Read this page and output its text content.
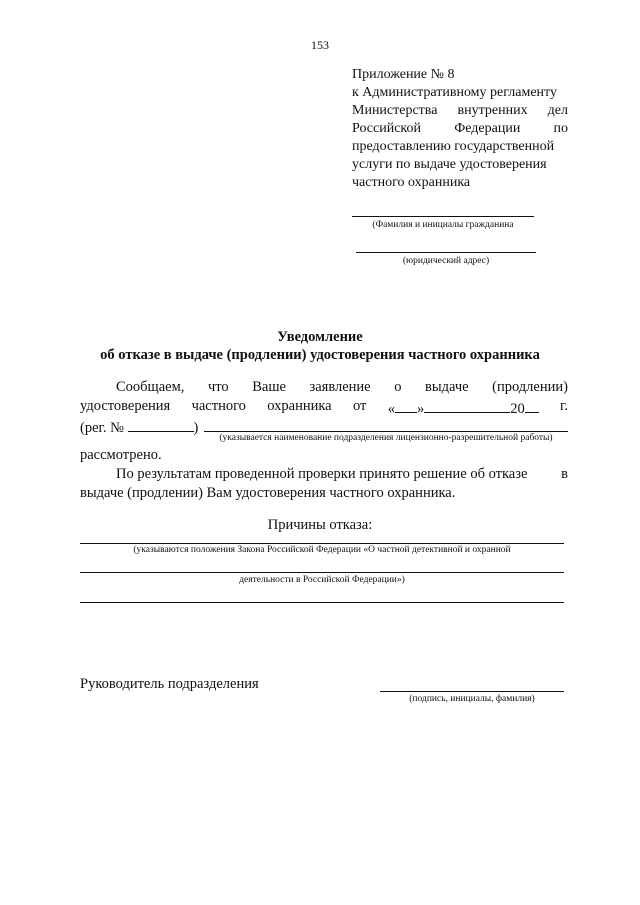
153
Приложение № 8
к Административному регламенту
Министерства внутренних дел
Российской Федерации по
предоставлению государственной
услуги по выдаче удостоверения
частного охранника
(Фамилия и инициалы гражданина
(юридический адрес)
Уведомление
об отказе в выдаче (продлении) удостоверения частного охранника
Сообщаем, что Ваше заявление о выдаче (продлении)
удостоверения частного охранника от « »	20	г.
(рег. №	)
(указывается наименование подразделения лицензионно-разрешительной работы)
рассмотрено.
По результатам проведенной проверки принято решение об отказе в
выдаче (продлении) Вам удостоверения частного охранника.
Причины отказа:
(указываются положения Закона Российской Федерации «О частной детективной и охранной
деятельности в Российской Федерации»)
Руководитель подразделения
(подпись, инициалы, фамилия)
